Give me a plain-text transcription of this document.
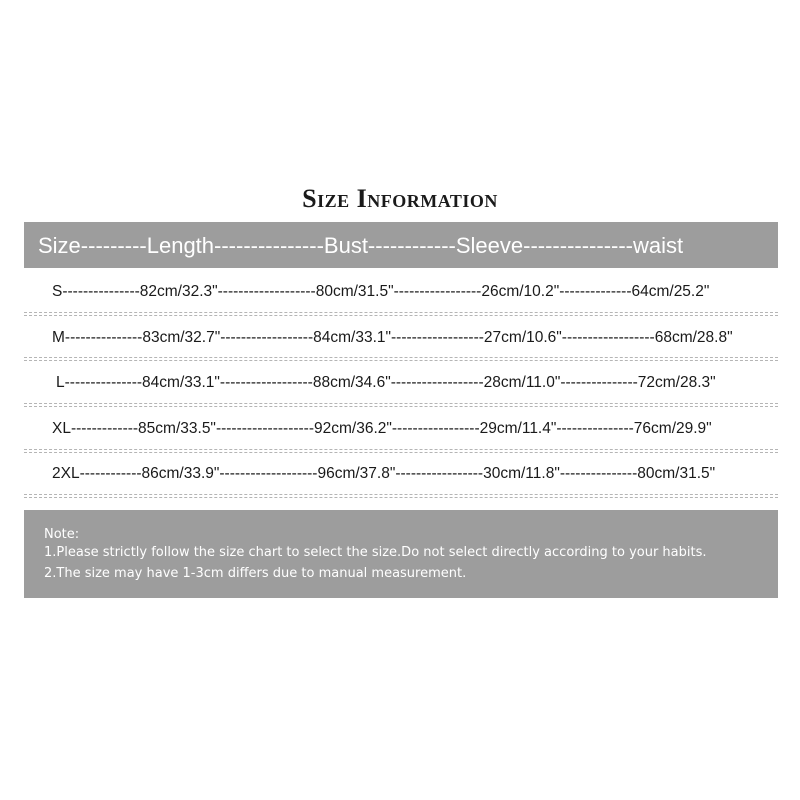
Size Information
Size---------Length---------------Bust------------Sleeve---------------waist
S---------------82cm/32.3"-------------------80cm/31.5"-----------------26cm/10.2"--------------64cm/25.2"
M---------------83cm/32.7"------------------84cm/33.1"------------------27cm/10.6"------------------68cm/28.8"
L---------------84cm/33.1"------------------88cm/34.6"------------------28cm/11.0"---------------72cm/28.3"
XL-------------85cm/33.5"-------------------92cm/36.2"-----------------29cm/11.4"---------------76cm/29.9"
2XL------------86cm/33.9"-------------------96cm/37.8"-----------------30cm/11.8"---------------80cm/31.5"
Note:
1.Please strictly follow the size chart to select the size.Do not select directly according to your habits.
2.The size may have 1-3cm differs due to manual measurement.
